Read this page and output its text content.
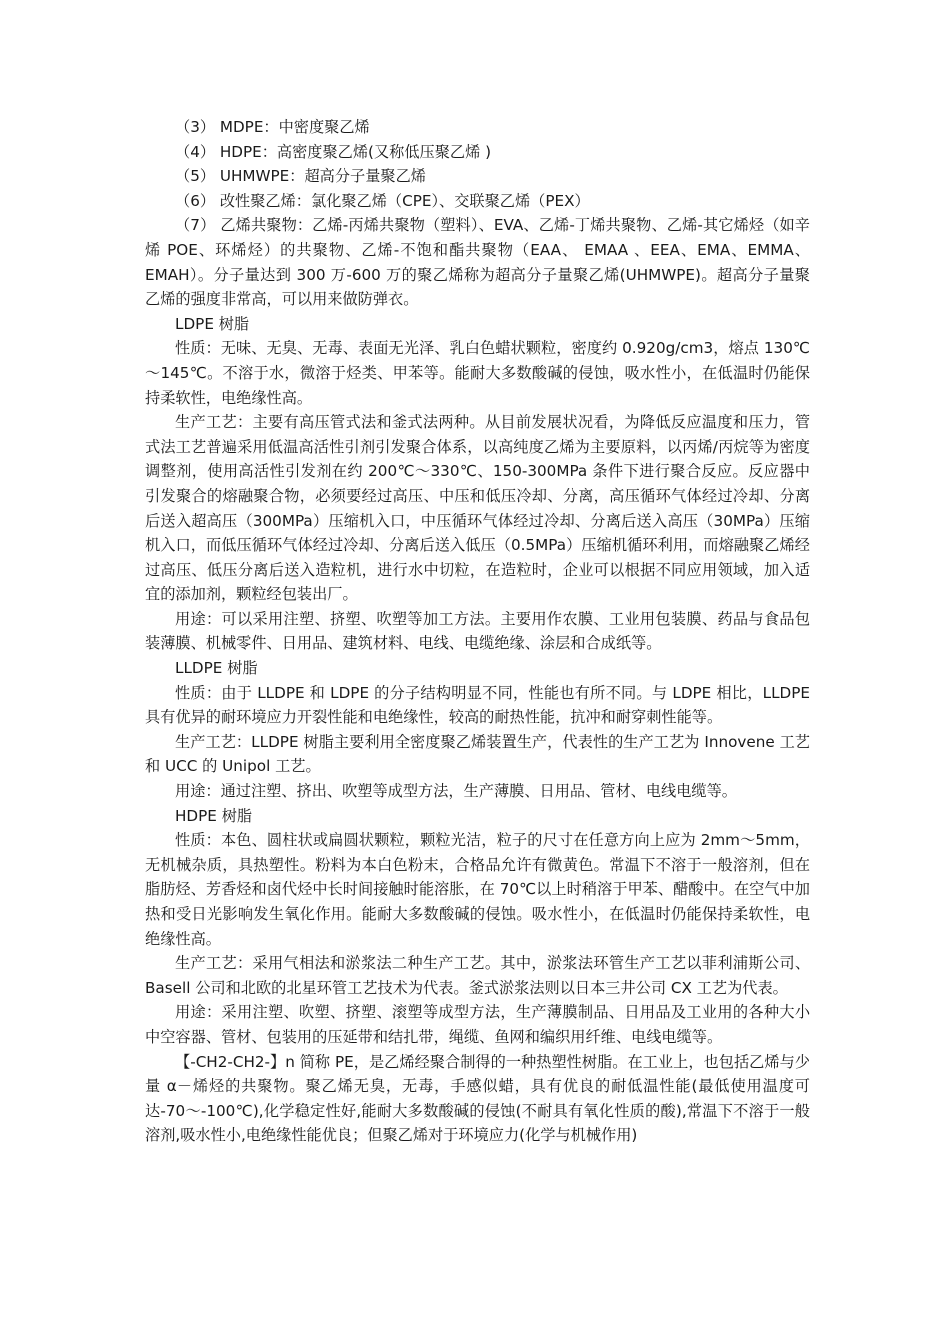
（3） MDPE：中密度聚乙烯

（4） HDPE：高密度聚乙烯(又称低压聚乙烯 )

（5） UHMWPE：超高分子量聚乙烯

（6） 改性聚乙烯：氯化聚乙烯（CPE）、交联聚乙烯（PEX）

（7） 乙烯共聚物：乙烯-丙烯共聚物（塑料）、EVA、乙烯-丁烯共聚物、乙烯-其它烯烃（如辛烯 POE、环烯烃）的共聚物、乙烯-不饱和酯共聚物（EAA、 EMAA 、EEA、EMA、EMMA、EMAH）。分子量达到 300 万-600 万的聚乙烯称为超高分子量聚乙烯(UHMWPE)。超高分子量聚乙烯的强度非常高，可以用来做防弹衣。

LDPE 树脂

性质：无味、无臭、无毒、表面无光泽、乳白色蜡状颗粒，密度约 0.920g/cm3，熔点 130℃～145℃。不溶于水，微溶于烃类、甲苯等。能耐大多数酸碱的侵蚀，吸水性小，在低温时仍能保持柔软性，电绝缘性高。

生产工艺：主要有高压管式法和釜式法两种。从目前发展状况看，为降低反应温度和压力，管式法工艺普遍采用低温高活性引剂引发聚合体系，以高纯度乙烯为主要原料，以丙烯/丙烷等为密度调整剂，使用高活性引发剂在约 200℃～330℃、150-300MPa 条件下进行聚合反应。反应器中引发聚合的熔融聚合物，必须要经过高压、中压和低压冷却、分离，高压循环气体经过冷却、分离后送入超高压（300MPa）压缩机入口，中压循环气体经过冷却、分离后送入高压（30MPa）压缩机入口，而低压循环气体经过冷却、分离后送入低压（0.5MPa）压缩机循环利用，而熔融聚乙烯经过高压、低压分离后送入造粒机，进行水中切粒，在造粒时，企业可以根据不同应用领域，加入适宜的添加剂，颗粒经包装出厂。

用途：可以采用注塑、挤塑、吹塑等加工方法。主要用作农膜、工业用包装膜、药品与食品包装薄膜、机械零件、日用品、建筑材料、电线、电缆绝缘、涂层和合成纸等。

LLDPE 树脂

性质：由于 LLDPE 和 LDPE 的分子结构明显不同，性能也有所不同。与 LDPE 相比，LLDPE 具有优异的耐环境应力开裂性能和电绝缘性，较高的耐热性能，抗冲和耐穿刺性能等。

生产工艺：LLDPE 树脂主要利用全密度聚乙烯装置生产，代表性的生产工艺为 Innovene 工艺和 UCC 的 Unipol 工艺。

用途：通过注塑、挤出、吹塑等成型方法，生产薄膜、日用品、管材、电线电缆等。

HDPE 树脂

性质：本色、圆柱状或扁圆状颗粒，颗粒光洁，粒子的尺寸在任意方向上应为 2mm～5mm，无机械杂质，具热塑性。粉料为本白色粉末，合格品允许有微黄色。常温下不溶于一般溶剂，但在脂肪烃、芳香烃和卤代烃中长时间接触时能溶胀，在 70℃以上时稍溶于甲苯、醋酸中。在空气中加热和受日光影响发生氧化作用。能耐大多数酸碱的侵蚀。吸水性小，在低温时仍能保持柔软性，电绝缘性高。

生产工艺：采用气相法和淤浆法二种生产工艺。其中，淤浆法环管生产工艺以菲利浦斯公司、Basell 公司和北欧的北星环管工艺技术为代表。釜式淤浆法则以日本三井公司 CX 工艺为代表。

用途：采用注塑、吹塑、挤塑、滚塑等成型方法，生产薄膜制品、日用品及工业用的各种大小中空容器、管材、包装用的压延带和结扎带，绳缆、鱼网和编织用纤维、电线电缆等。

【-CH2-CH2-】n 简称 PE，是乙烯经聚合制得的一种热塑性树脂。在工业上，也包括乙烯与少量 α－烯烃的共聚物。聚乙烯无臭，无毒，手感似蜡，具有优良的耐低温性能(最低使用温度可达-70～-100℃),化学稳定性好,能耐大多数酸碱的侵蚀(不耐具有氧化性质的酸),常温下不溶于一般溶剂,吸水性小,电绝缘性能优良；但聚乙烯对于环境应力(化学与机械作用)
